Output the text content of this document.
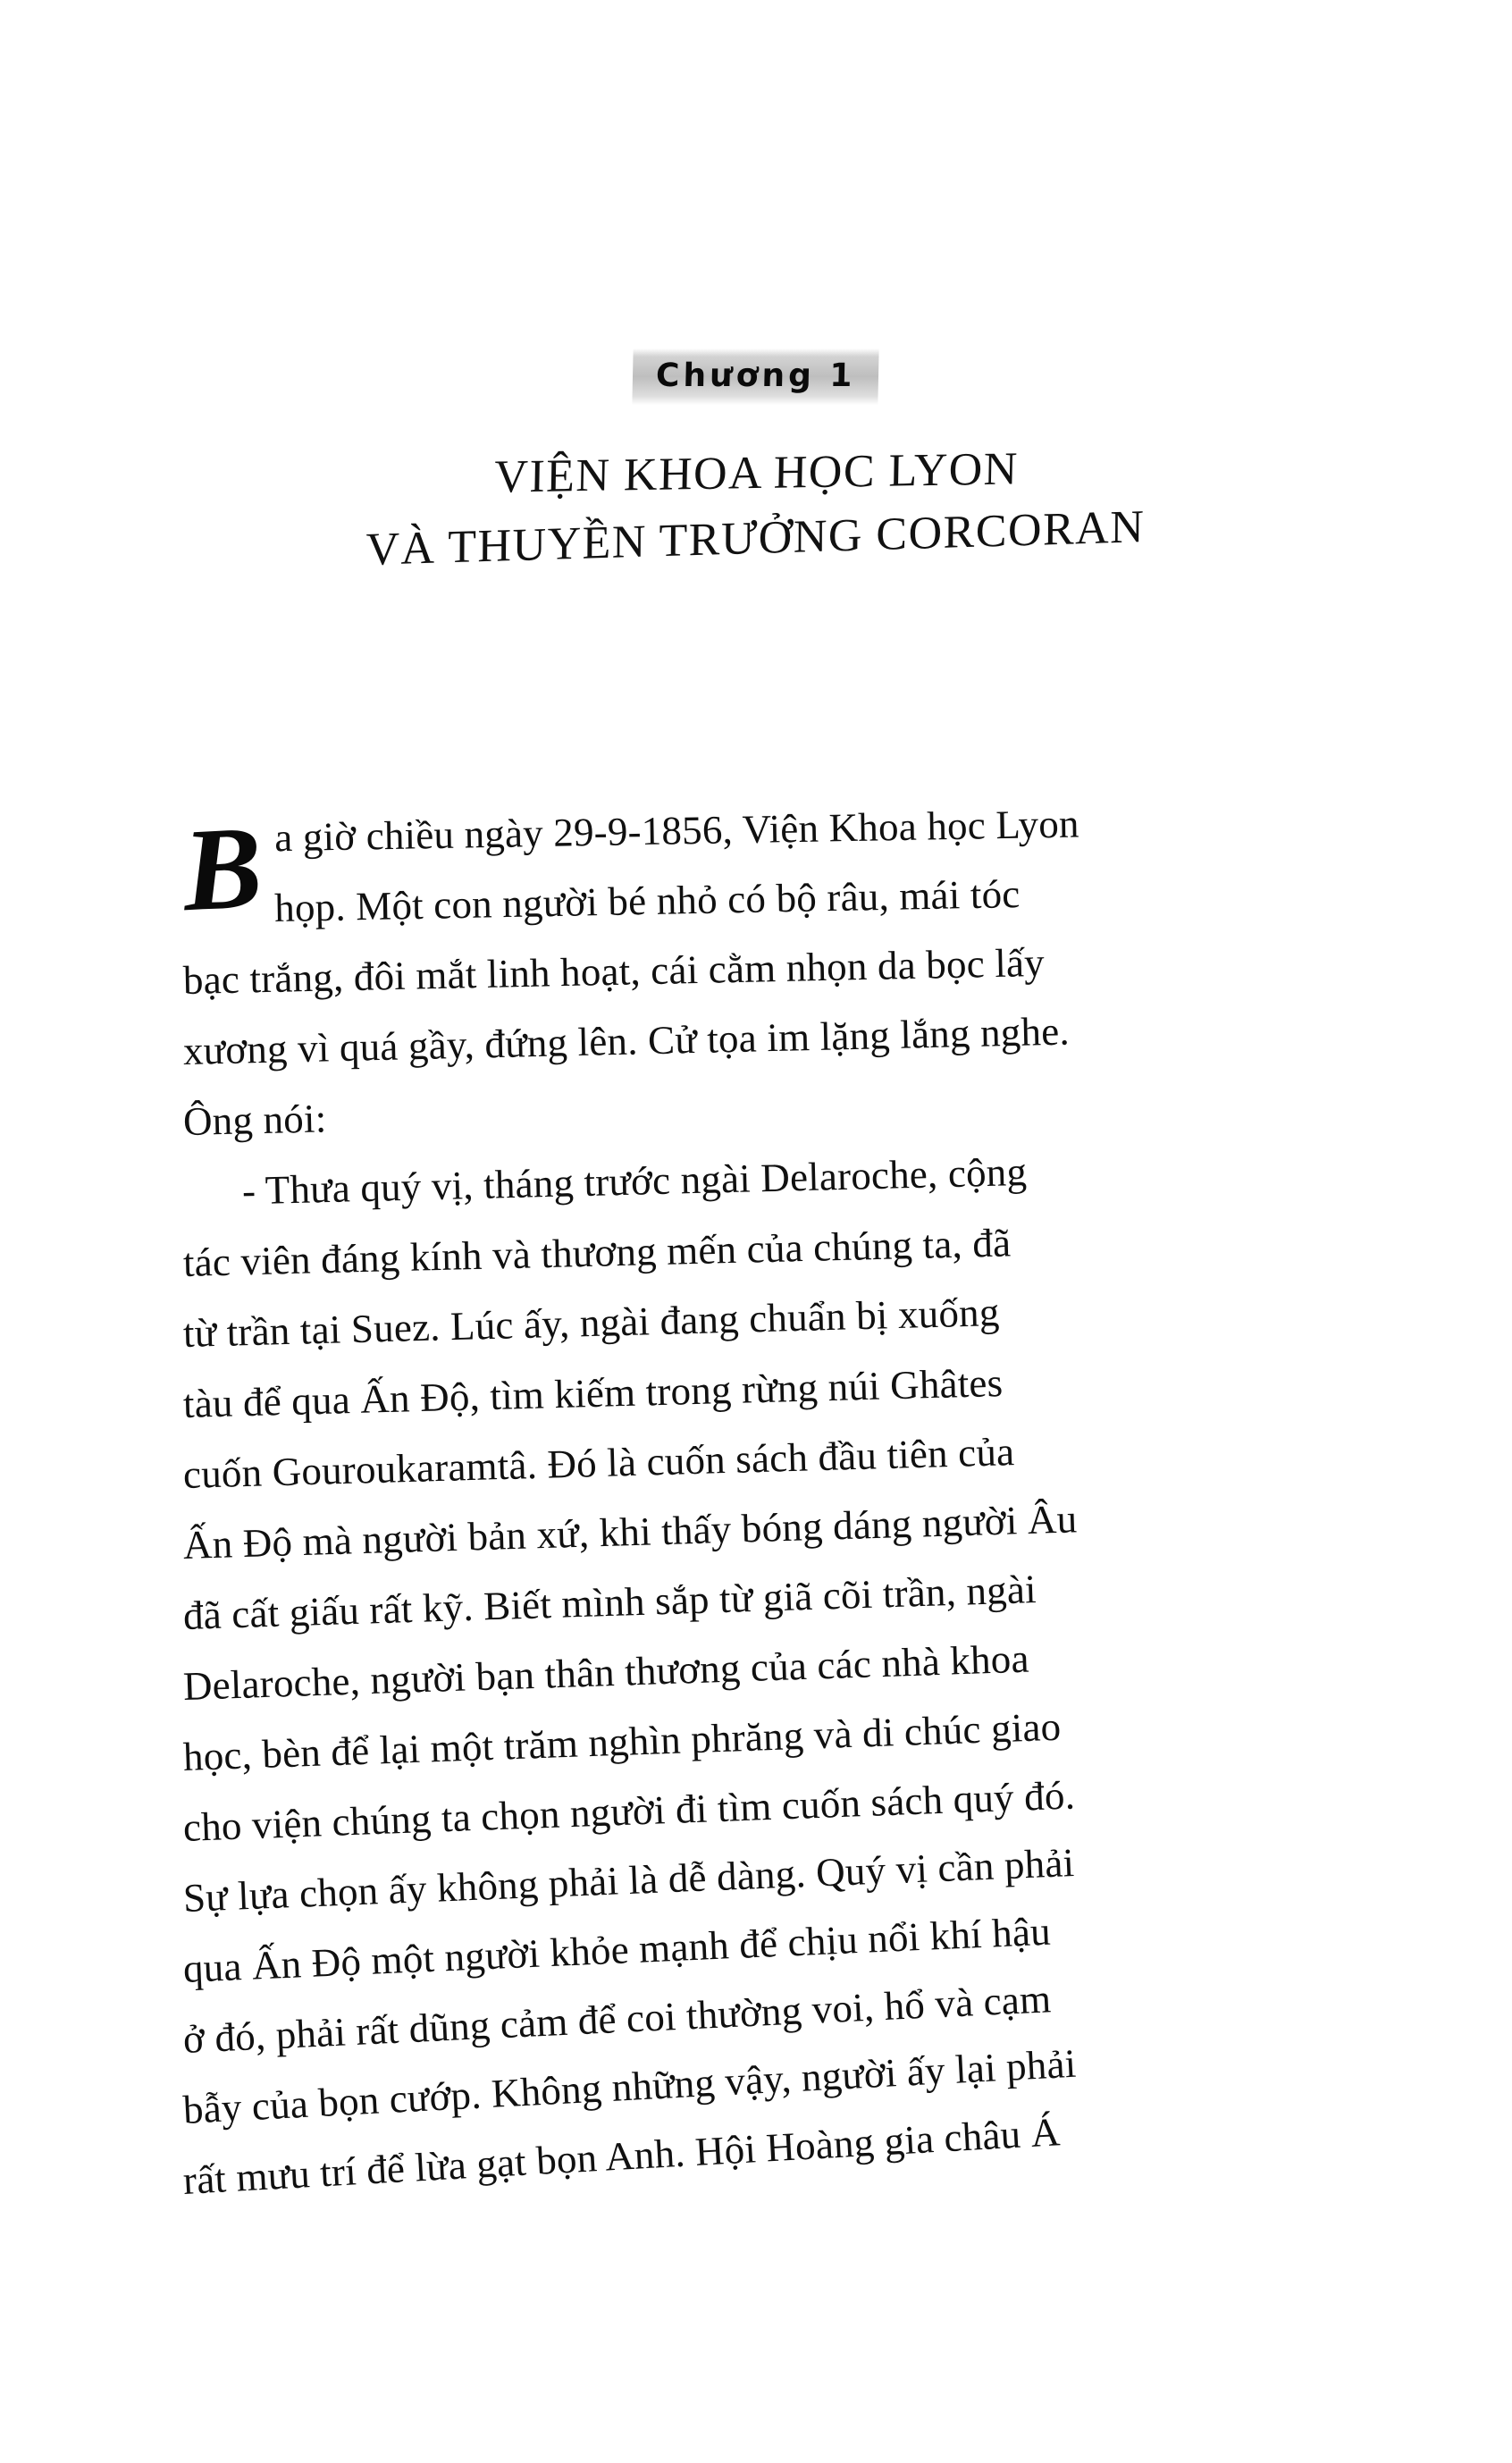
Chương 1
VIỆN KHOA HỌC LYON
VÀ THUYỀN TRƯỞNG CORCORAN
B a giờ chiều ngày 29-9-1856, Viện Khoa học Lyon
họp. Một con người bé nhỏ có bộ râu, mái tóc
bạc trắng, đôi mắt linh hoạt, cái cằm nhọn da bọc lấy
xương vì quá gầy, đứng lên. Cử tọa im lặng lắng nghe.
Ông nói:
- Thưa quý vị, tháng trước ngài Delaroche, cộng
tác viên đáng kính và thương mến của chúng ta, đã
từ trần tại Suez. Lúc ấy, ngài đang chuẩn bị xuống
tàu để qua Ấn Độ, tìm kiếm trong rừng núi Ghâtes
cuốn Gouroukaramtâ. Đó là cuốn sách đầu tiên của
Ấn Độ mà người bản xứ, khi thấy bóng dáng người Âu
đã cất giấu rất kỹ. Biết mình sắp từ giã cõi trần, ngài
Delaroche, người bạn thân thương của các nhà khoa
học, bèn để lại một trăm nghìn phrăng và di chúc giao
cho viện chúng ta chọn người đi tìm cuốn sách quý đó.
Sự lựa chọn ấy không phải là dễ dàng. Quý vị cần phải
qua Ấn Độ một người khỏe mạnh để chịu nổi khí hậu
ở đó, phải rất dũng cảm để coi thường voi, hổ và cạm
bẫy của bọn cướp. Không những vậy, người ấy lại phải
rất mưu trí để lừa gạt bọn Anh. Hội Hoàng gia châu Á
